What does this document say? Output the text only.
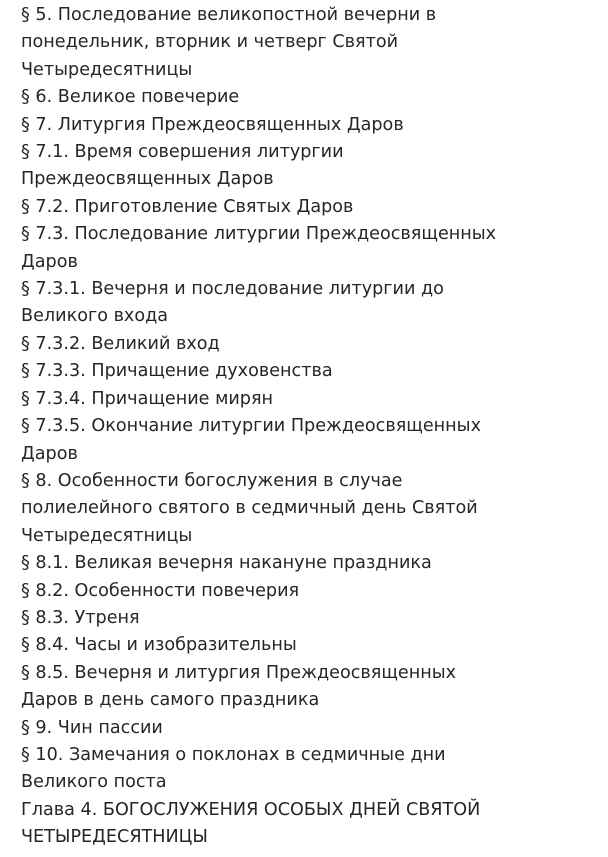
§ 5. Последование великопостной вечерни в
понедельник, вторник и четверг Святой
Четыредесятницы
§ 6. Великое повечерие
§ 7. Литургия Преждеосвященных Даров
§ 7.1. Время совершения литургии
Преждеосвященных Даров
§ 7.2. Приготовление Святых Даров
§ 7.3. Последование литургии Преждеосвященных
Даров
§ 7.3.1. Вечерня и последование литургии до
Великого входа
§ 7.3.2. Великий вход
§ 7.3.3. Причащение духовенства
§ 7.3.4. Причащение мирян
§ 7.3.5. Окончание литургии Преждеосвященных
Даров
§ 8. Особенности богослужения в случае
полиелейного святого в седмичный день Святой
Четыредесятницы
§ 8.1. Великая вечерня накануне праздника
§ 8.2. Особенности повечерия
§ 8.3. Утреня
§ 8.4. Часы и изобразительны
§ 8.5. Вечерня и литургия Преждеосвященных
Даров в день самого праздника
§ 9. Чин пассии
§ 10. Замечания о поклонах в седмичные дни
Великого поста
Глава 4. БОГОСЛУЖЕНИЯ ОСОБЫХ ДНЕЙ СВЯТОЙ
ЧЕТЫРЕДЕСЯТНИЦЫ
